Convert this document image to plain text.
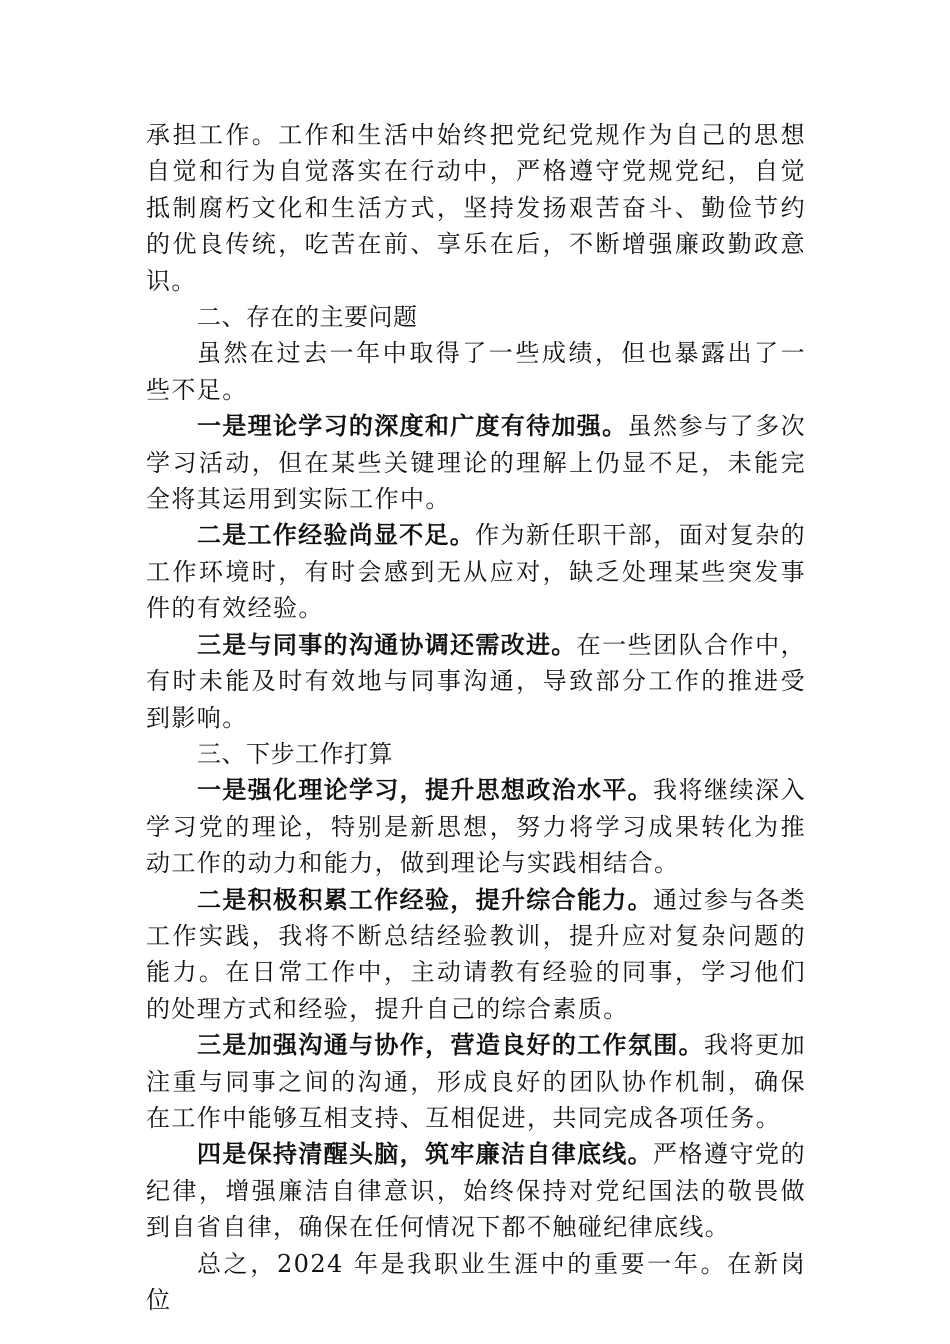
承担工作。工作和生活中始终把党纪党规作为自己的思想自觉和行为自觉落实在行动中，严格遵守党规党纪，自觉抵制腐朽文化和生活方式，坚持发扬艰苦奋斗、勤俭节约的优良传统，吃苦在前、享乐在后，不断增强廉政勤政意识。

二、存在的主要问题

虽然在过去一年中取得了一些成绩，但也暴露出了一些不足。

一是理论学习的深度和广度有待加强。虽然参与了多次学习活动，但在某些关键理论的理解上仍显不足，未能完全将其运用到实际工作中。

二是工作经验尚显不足。作为新任职干部，面对复杂的工作环境时，有时会感到无从应对，缺乏处理某些突发事件的有效经验。

三是与同事的沟通协调还需改进。在一些团队合作中，有时未能及时有效地与同事沟通，导致部分工作的推进受到影响。

三、下步工作打算

一是强化理论学习，提升思想政治水平。我将继续深入学习党的理论，特别是新思想，努力将学习成果转化为推动工作的动力和能力，做到理论与实践相结合。

二是积极积累工作经验，提升综合能力。通过参与各类工作实践，我将不断总结经验教训，提升应对复杂问题的能力。在日常工作中，主动请教有经验的同事，学习他们的处理方式和经验，提升自己的综合素质。

三是加强沟通与协作，营造良好的工作氛围。我将更加注重与同事之间的沟通，形成良好的团队协作机制，确保在工作中能够互相支持、互相促进，共同完成各项任务。

四是保持清醒头脑，筑牢廉洁自律底线。严格遵守党的纪律，增强廉洁自律意识，始终保持对党纪国法的敬畏做到自省自律，确保在任何情况下都不触碰纪律底线。

总之，2024 年是我职业生涯中的重要一年。在新岗位
